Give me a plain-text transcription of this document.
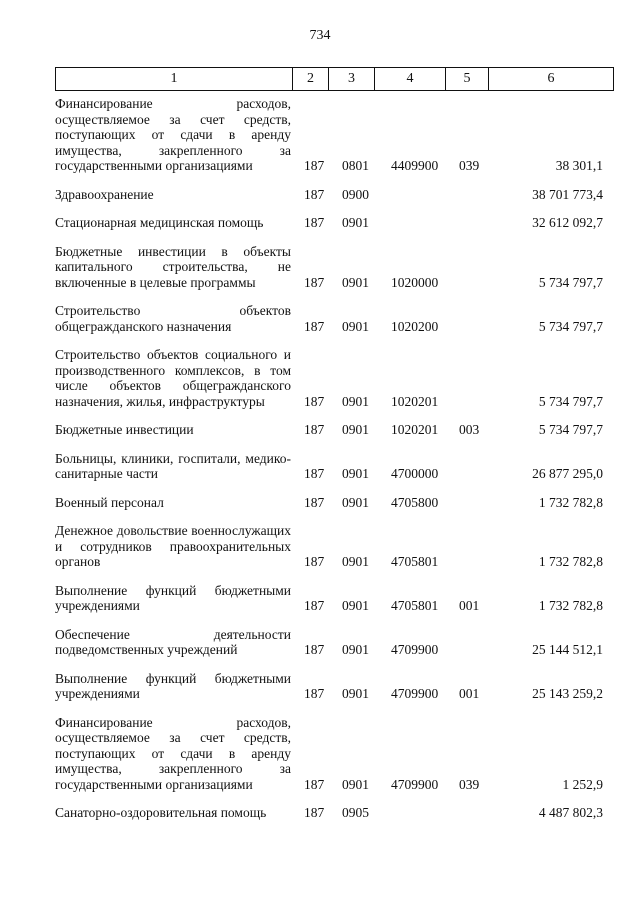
734
1	2	3	4	5	6
Финансирование расходов, осуществляемое за счет средств, поступающих от сдачи в аренду имущества, закрепленного за государственными организациями	187	0801	4409900	039	38 301,1
Здравоохранение	187	0900			38 701 773,4
Стационарная медицинская помощь	187	0901			32 612 092,7
Бюджетные инвестиции в объекты капитального строительства, не включенные в целевые программы	187	0901	1020000		5 734 797,7
Строительство объектов общегражданского назначения	187	0901	1020200		5 734 797,7
Строительство объектов социального и производственного комплексов, в том числе объектов общегражданского назначения, жилья, инфраструктуры	187	0901	1020201		5 734 797,7
Бюджетные инвестиции	187	0901	1020201	003	5 734 797,7
Больницы, клиники, госпитали, медико-санитарные части	187	0901	4700000		26 877 295,0
Военный персонал	187	0901	4705800		1 732 782,8
Денежное довольствие военнослужащих и сотрудников правоохранительных органов	187	0901	4705801		1 732 782,8
Выполнение функций бюджетными учреждениями	187	0901	4705801	001	1 732 782,8
Обеспечение деятельности подведомственных учреждений	187	0901	4709900		25 144 512,1
Выполнение функций бюджетными учреждениями	187	0901	4709900	001	25 143 259,2
Финансирование расходов, осуществляемое за счет средств, поступающих от сдачи в аренду имущества, закрепленного за государственными организациями	187	0901	4709900	039	1 252,9
Санаторно-оздоровительная помощь	187	0905			4 487 802,3
